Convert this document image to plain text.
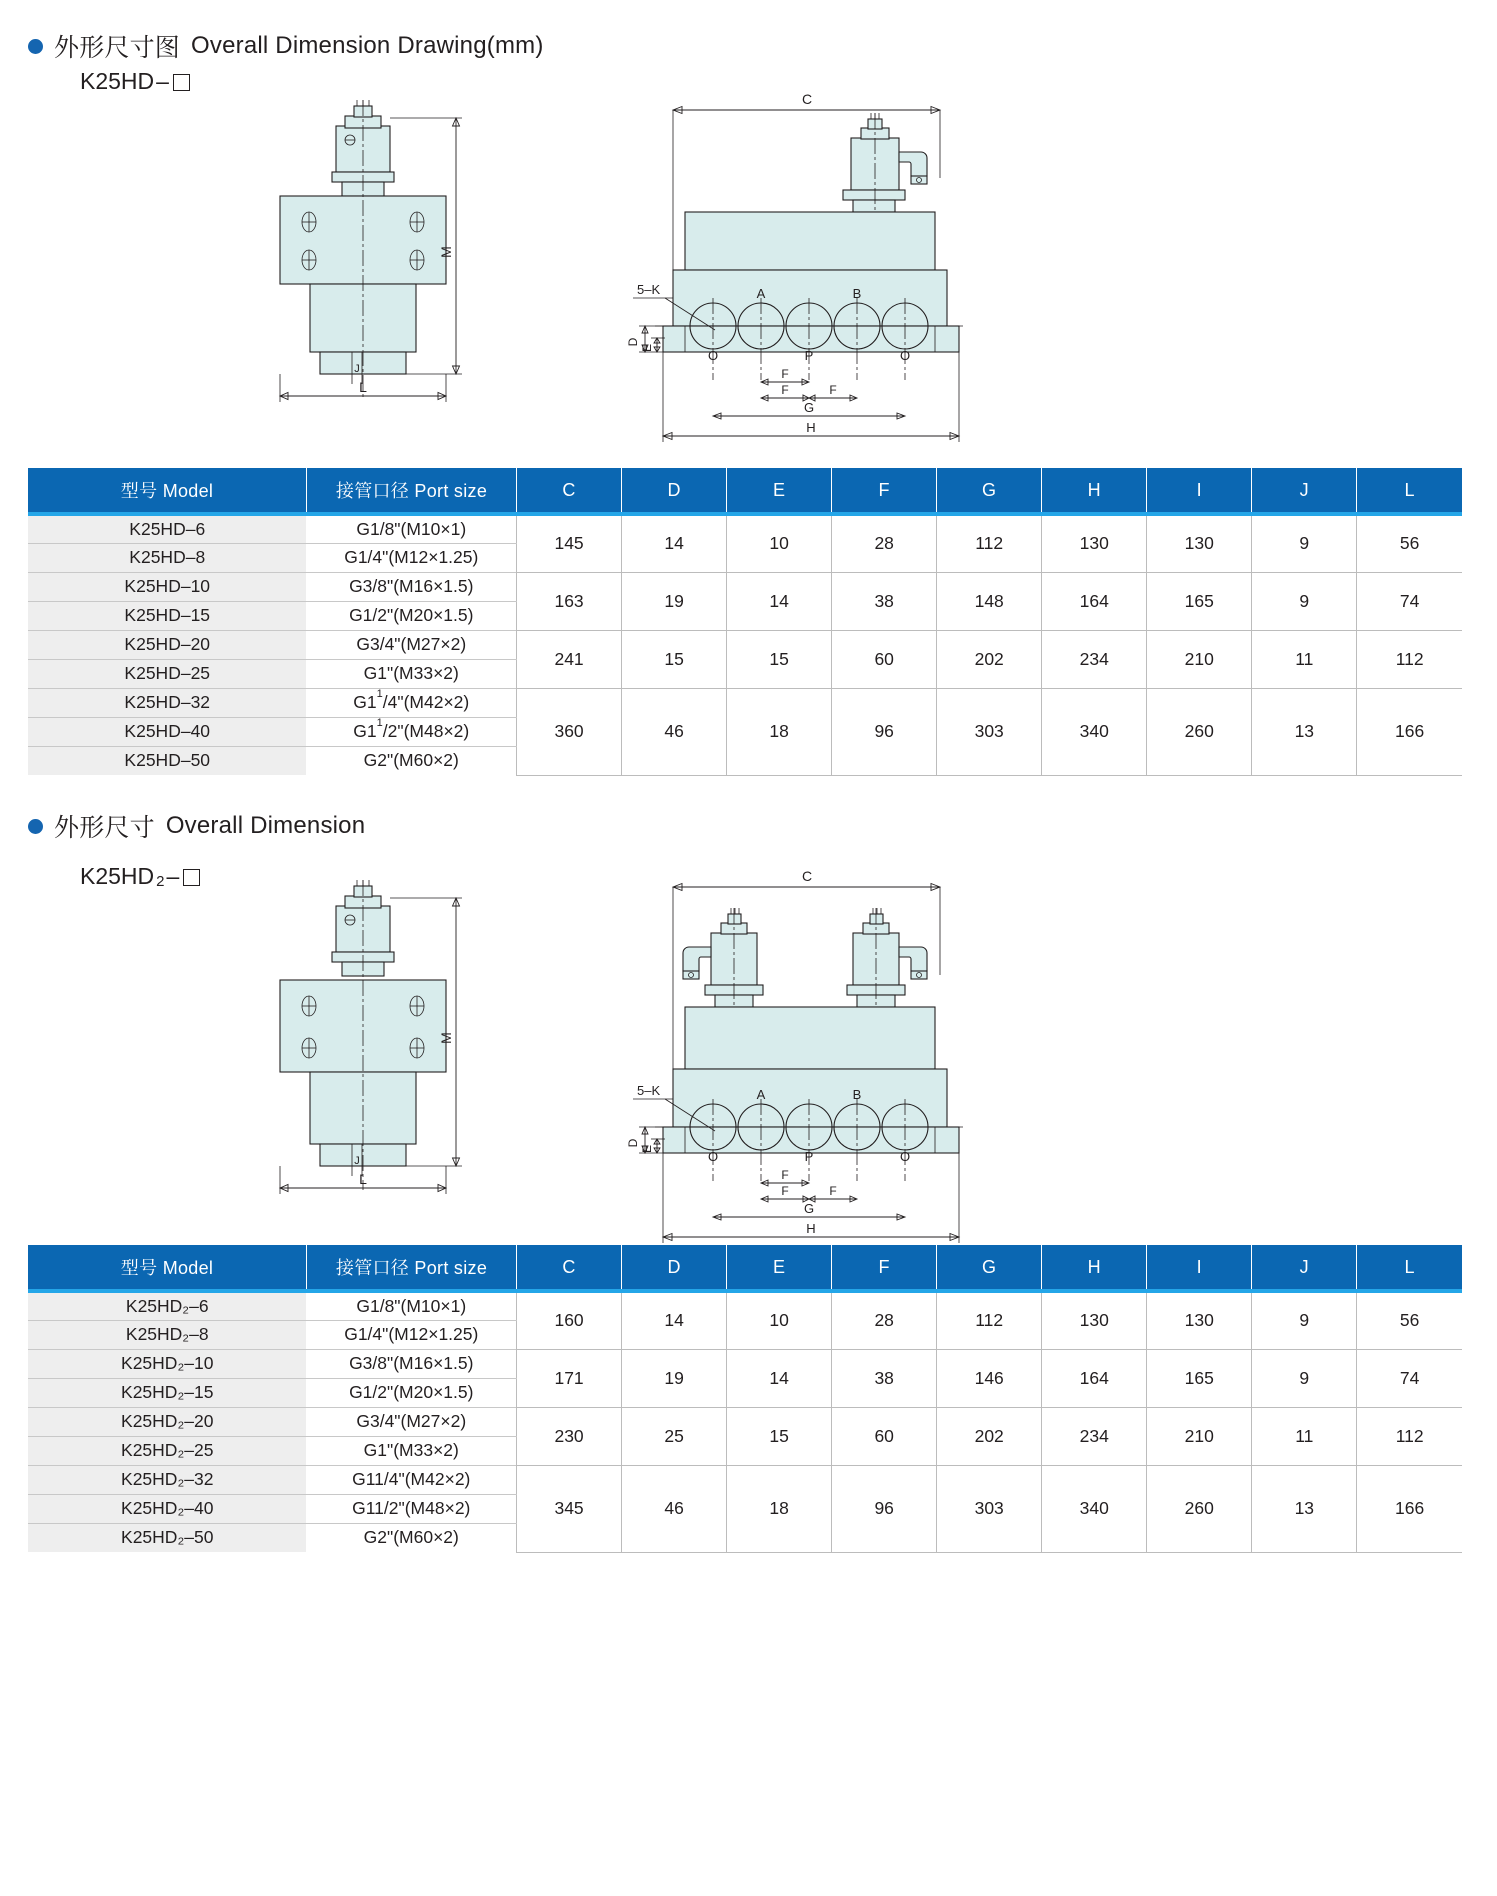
外形尺寸图 Overall Dimension Drawing(mm)
K25HD –
M
L
J
C
A	B
P
O	O
5–K
D
E
F
F	F
G
H
型号 Model	接管口径 Port size	C	D	E	F	G	H	I	J	L
K25HD–6	G1/8"(M10×1)	145	14	10	28	112	130	130	9	56
K25HD–8	G1/4"(M12×1.25)									
K25HD–10	G3/8"(M16×1.5)	163	19	14	38	148	164	165	9	74
K25HD–15	G1/2"(M20×1.5)									
K25HD–20	G3/4"(M27×2)	241	15	15	60	202	234	210	11	112
K25HD–25	G1"(M33×2)									
K25HD–32	$G1^1/4"(M42\times 2)$	360	46	18	96	303	340	260	13	166
K25HD–40	$G1^1/2"(M48\times 2)$									
K25HD–50	G2"(M60×2)									
外形尺寸 Overall Dimension
K25HD 2 –
M
L
J
C
A	B
P
O	O
5–K
D
E
F
F	F
G
H
型号 Model	接管口径 Port size	C	D	E	F	G	H	I	J	L
K25HD₂–6	G1/8"(M10×1)	160	14	10	28	112	130	130	9	56
K25HD₂–8	G1/4"(M12×1.25)									
K25HD₂–10	G3/8"(M16×1.5)	171	19	14	38	146	164	165	9	74
K25HD₂–15	G1/2"(M20×1.5)									
K25HD₂–20	G3/4"(M27×2)	230	25	15	60	202	234	210	11	112
K25HD₂–25	G1"(M33×2)									
K25HD₂–32	G11/4"(M42×2)	345	46	18	96	303	340	260	13	166
K25HD₂–40	G11/2"(M48×2)									
K25HD₂–50	G2"(M60×2)									
